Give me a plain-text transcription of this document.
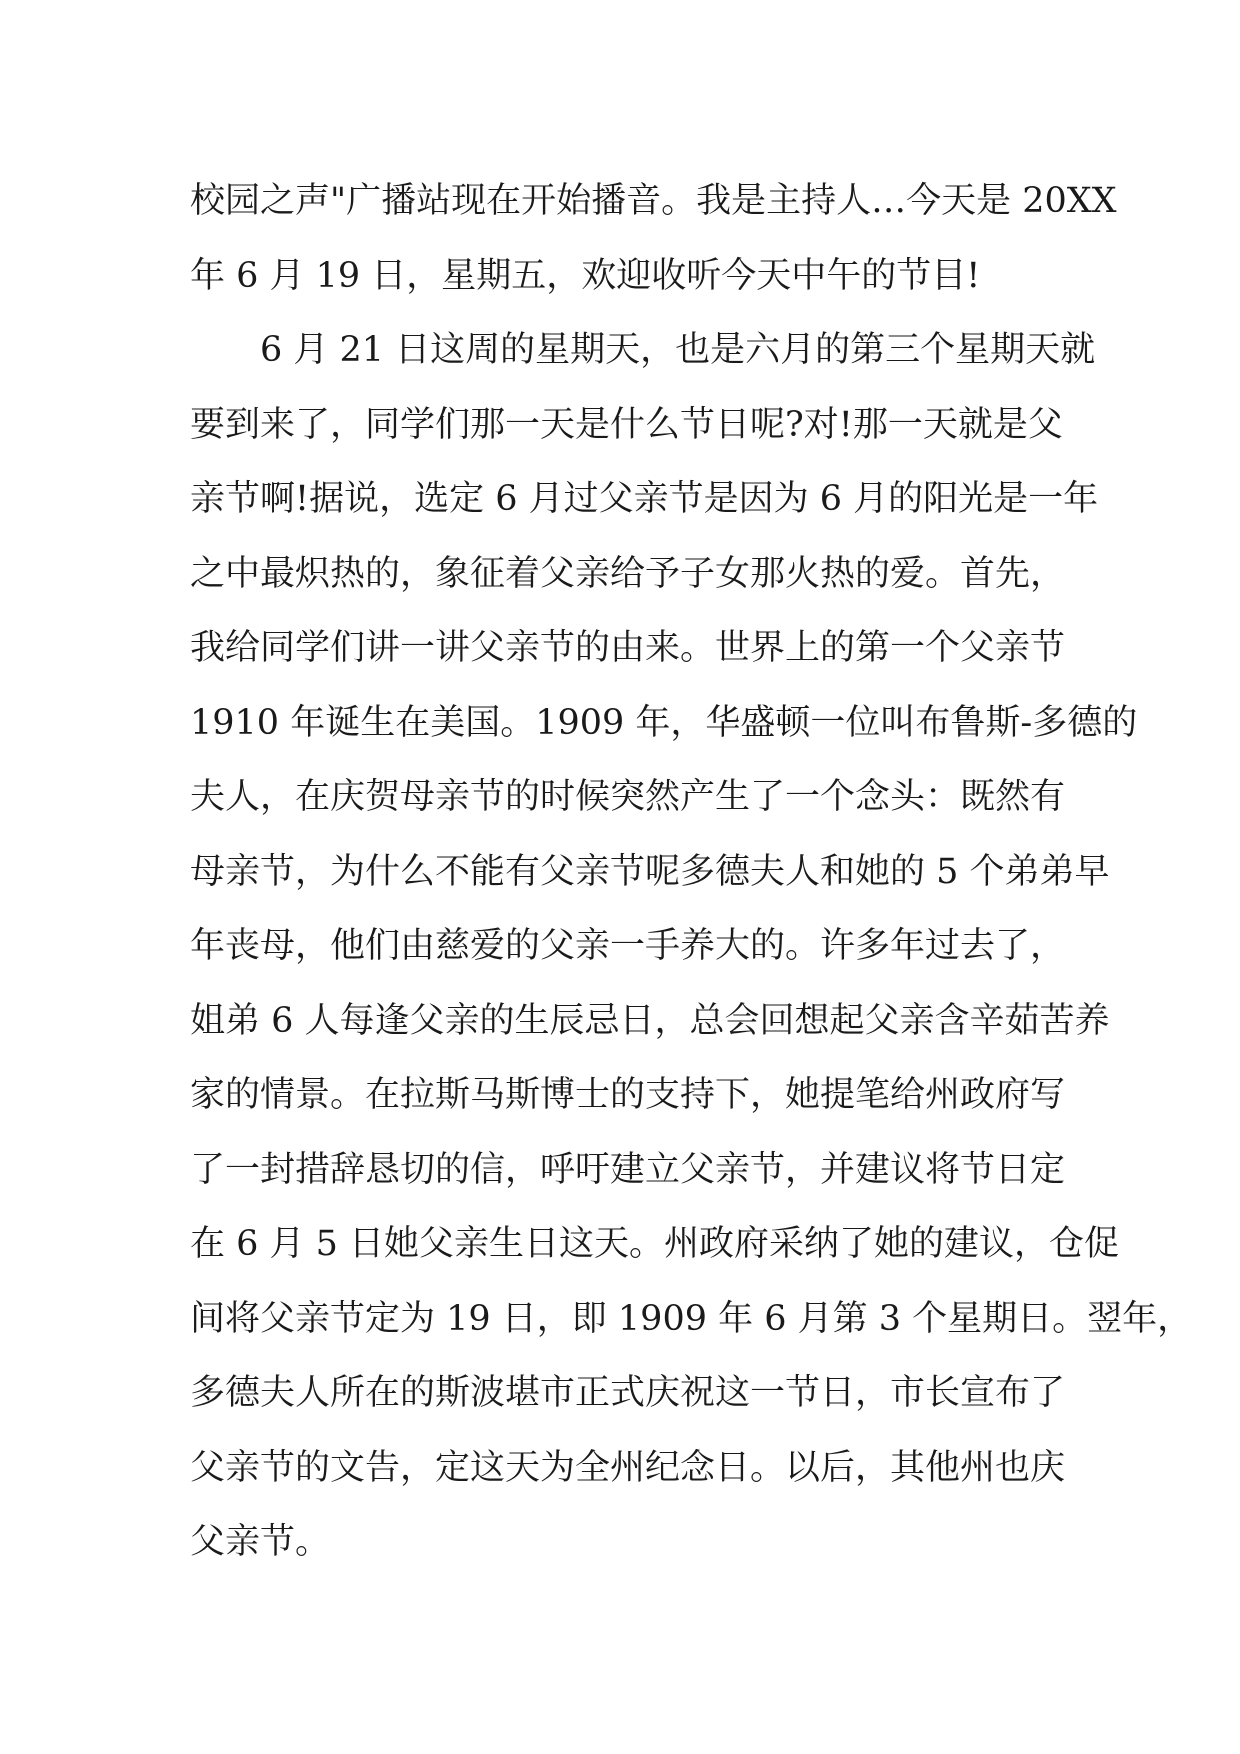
校园之声"广播站现在开始播音。我是主持人…今天是 20XX
年 6 月 19 日，星期五，欢迎收听今天中午的节目!
　　6 月 21 日这周的星期天，也是六月的第三个星期天就
要到来了，同学们那一天是什么节日呢?对!那一天就是父
亲节啊!据说，选定 6 月过父亲节是因为 6 月的阳光是一年
之中最炽热的，象征着父亲给予子女那火热的爱。首先，
我给同学们讲一讲父亲节的由来。世界上的第一个父亲节
1910 年诞生在美国。1909 年，华盛顿一位叫布鲁斯-多德的
夫人，在庆贺母亲节的时候突然产生了一个念头：既然有
母亲节，为什么不能有父亲节呢多德夫人和她的 5 个弟弟早
年丧母，他们由慈爱的父亲一手养大的。许多年过去了，
姐弟 6 人每逢父亲的生辰忌日，总会回想起父亲含辛茹苦养
家的情景。在拉斯马斯博士的支持下，她提笔给州政府写
了一封措辞恳切的信，呼吁建立父亲节，并建议将节日定
在 6 月 5 日她父亲生日这天。州政府采纳了她的建议，仓促
间将父亲节定为 19 日，即 1909 年 6 月第 3 个星期日。翌年，
多德夫人所在的斯波堪市正式庆祝这一节日，市长宣布了
父亲节的文告，定这天为全州纪念日。以后，其他州也庆
父亲节。
